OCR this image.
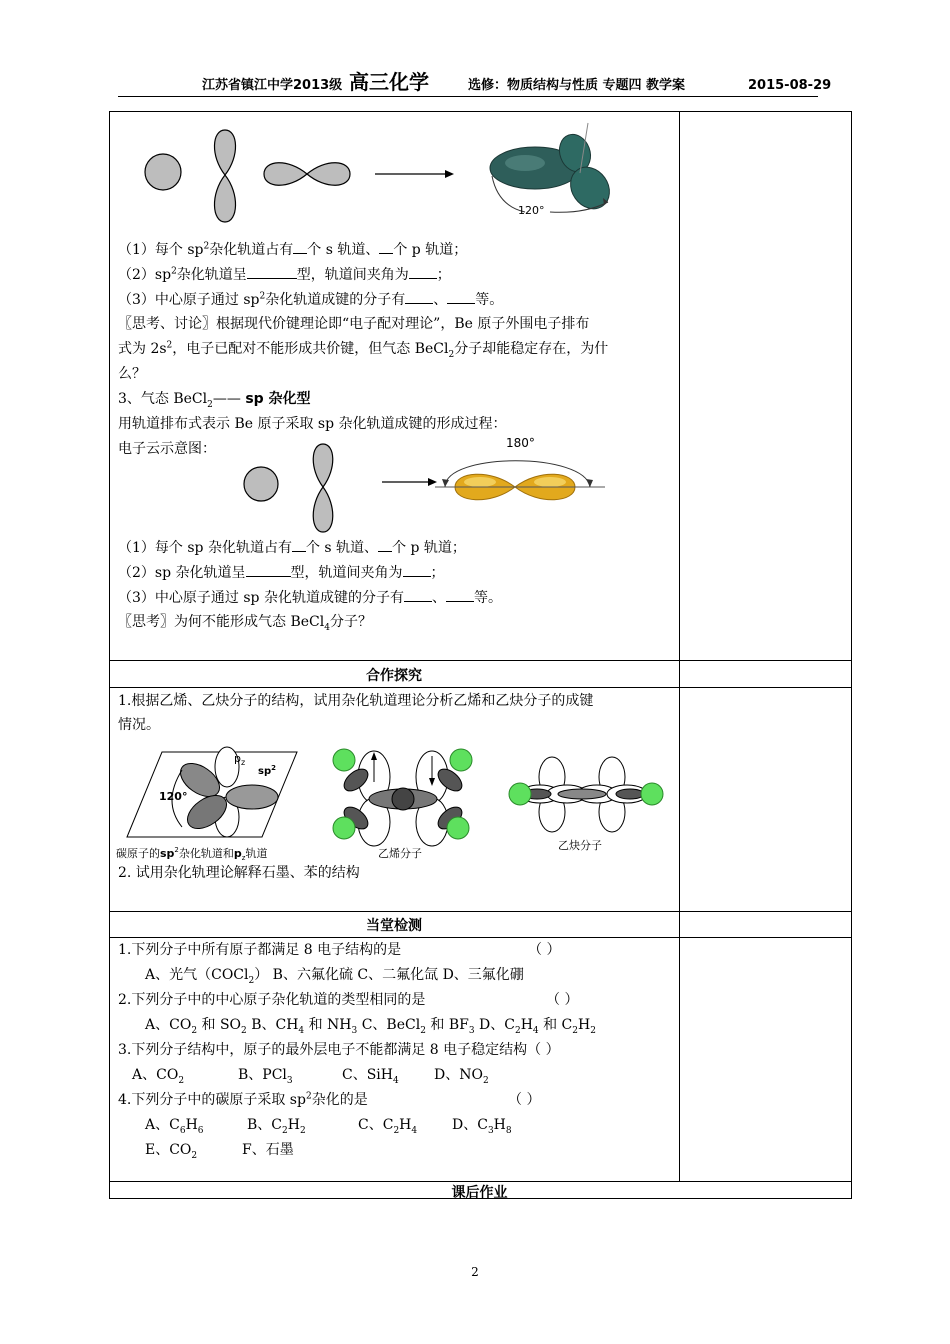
江苏省镇江中学2013级 高三化学	选修：物质结构与性质 专题四 教学案	2015-08-29
120°
（1）每个 $sp^2$杂化轨道占有 个 s 轨道、 个 p 轨道；
$(2)sp^2$杂化轨道呈	型，轨道间夹角为 ；
（3）中心原子通过 $sp^2$杂化轨道成键的分子有 、 等。
〖思考、讨论〗根据现代价键理论即“电子配对理论”，Be 原子外围电子排布
式为 $2s^2$，电子已配对不能形成共价键，但气态 BeCl$_2$分子却能稳定存在，为什
么？
3、气态 BeCl$_2$—— sp 杂化型
用轨道排布式表示 Be 原子采取 sp 杂化轨道成键的形成过程：
电子云示意图：	180°
（1）每个 sp 杂化轨道占有 个 s 轨道、 个 p 轨道；
（2）sp 杂化轨道呈	型，轨道间夹角为 ；
（3）中心原子通过 sp 杂化轨道成键的分子有 、 等。
〖思考〗为何不能形成气态 BeCl$_4$分子？
合作探究
1.根据乙烯、乙炔分子的结构，试用杂化轨道理论分析乙烯和乙炔分子的成键
情况。
$p_z$
$sp^2$
120°
碳原子的$sp^2$杂化轨道和$p_z$轨道	乙烯分子
乙炔分子
2. 试用杂化轨理论解释石墨、苯的结构
当堂检测
1.下列分子中所有原子都满足 8 电子结构的是	（ ）
A、光气（COCl$_2$） B、六氟化硫 C、二氟化氙 D、三氟化硼
2.下列分子中的中心原子杂化轨道的类型相同的是	（ ）
A、$CO_2$ 和 $SO_2$ B、$CH_4$ 和 $NH_3$ C、BeCl$_2$ 和 $BF_3$ D、$C_2H_4$ 和 $C_2H_2$
3.下列分子结构中，原子的最外层电子不能都满足 8 电子稳定结构（ ）
A、$CO_2$	B、PCl$_3$	C、SiH$_4$	D、$NO_2$
4.下列分子中的碳原子采取 $sp^2$杂化的是	（ ）
A、$C_6H_6$	B、$C_2H_2$	C、$C_2H_4$ D、$C_3H_8$
E、$CO_2$	F、石墨
课后作业
2
